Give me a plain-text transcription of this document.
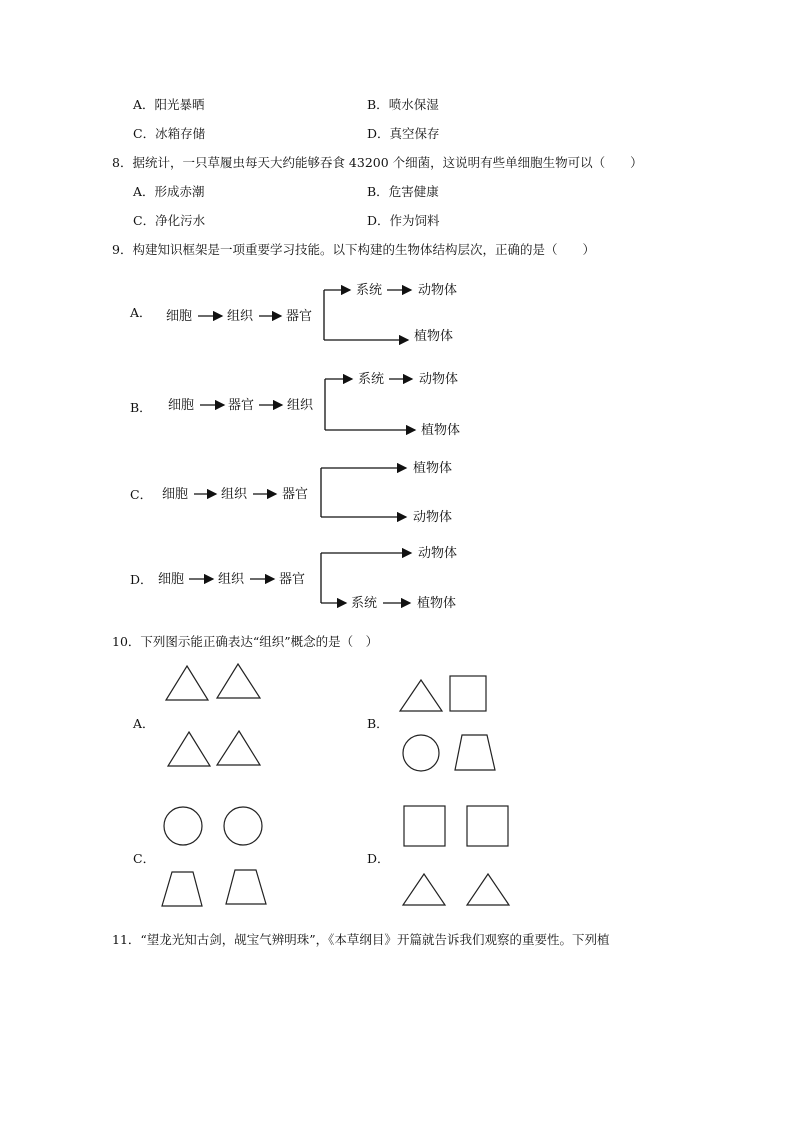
A．阳光暴晒	B．喷水保湿
C．冰箱存储	D．真空保存
8．据统计，一只草履虫每天大约能够吞食 43200 个细菌，这说明有些单细胞生物可以（　　）
A．形成赤潮	B．危害健康
C．净化污水	D．作为饲料
9．构建知识框架是一项重要学习技能。以下构建的生物体结构层次，正确的是（　　）
A． 细胞	组织	器官
系统	动物体
植物体
B． 细胞	器官	组织
系统	动物体
植物体
C． 细胞	组织	器官
植物体
动物体
D． 细胞	组织	器官
动物体
系统	植物体
10．下列图示能正确表达“组织”概念的是（　）
A．	B．
C．	D．
11．“望龙光知古剑，觇宝气辨明珠”，《本草纲目》开篇就告诉我们观察的重要性。下列植
